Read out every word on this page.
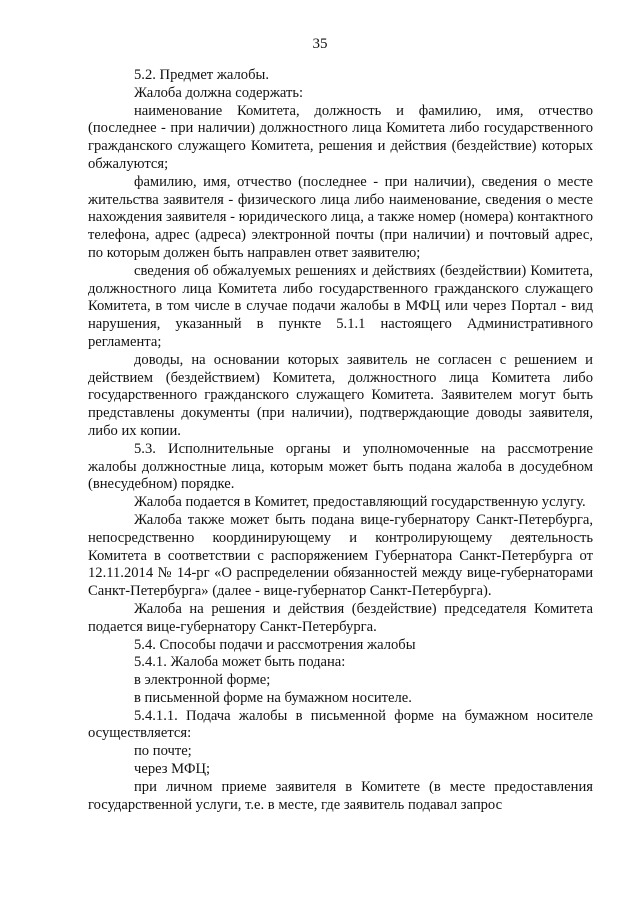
35

5.2. Предмет жалобы.

Жалоба должна содержать:

наименование Комитета, должность и фамилию, имя, отчество (последнее - при наличии) должностного лица Комитета либо государственного гражданского служащего Комитета, решения и действия (бездействие) которых обжалуются;

фамилию, имя, отчество (последнее - при наличии), сведения о месте жительства заявителя - физического лица либо наименование, сведения о месте нахождения заявителя - юридического лица, а также номер (номера) контактного телефона, адрес (адреса) электронной почты (при наличии) и почтовый адрес, по которым должен быть направлен ответ заявителю;

сведения об обжалуемых решениях и действиях (бездействии) Комитета, должностного лица Комитета либо государственного гражданского служащего Комитета, в том числе в случае подачи жалобы в МФЦ или через Портал - вид нарушения, указанный в пункте 5.1.1 настоящего Административного регламента;

доводы, на основании которых заявитель не согласен с решением и действием (бездействием) Комитета, должностного лица Комитета либо государственного гражданского служащего Комитета. Заявителем могут быть представлены документы (при наличии), подтверждающие доводы заявителя, либо их копии.

5.3. Исполнительные органы и уполномоченные на рассмотрение жалобы должностные лица, которым может быть подана жалоба в досудебном (внесудебном) порядке.

Жалоба подается в Комитет, предоставляющий государственную услугу.

Жалоба также может быть подана вице-губернатору Санкт-Петербурга, непосредственно координирующему и контролирующему деятельность Комитета в соответствии с распоряжением Губернатора Санкт-Петербурга от 12.11.2014 № 14-рг «О распределении обязанностей между вице-губернаторами Санкт-Петербурга» (далее - вице-губернатор Санкт-Петербурга).

Жалоба на решения и действия (бездействие) председателя Комитета подается вице-губернатору Санкт-Петербурга.

5.4. Способы подачи и рассмотрения жалобы

5.4.1. Жалоба может быть подана:

в электронной форме;

в письменной форме на бумажном носителе.

5.4.1.1. Подача жалобы в письменной форме на бумажном носителе осуществляется:

по почте;

через МФЦ;

при личном приеме заявителя в Комитете (в месте предоставления государственной услуги, т.е. в месте, где заявитель подавал запрос
